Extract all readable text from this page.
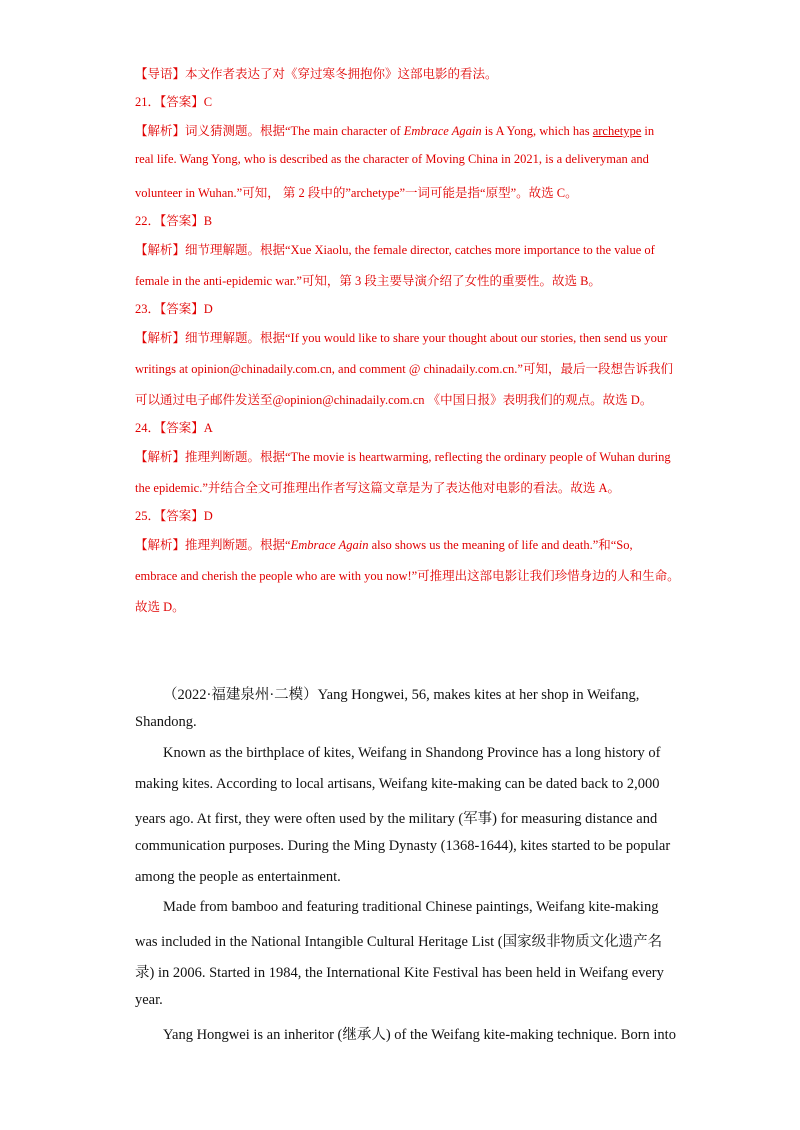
【导语】本文作者表达了对《穿过寒冬拥抱你》这部电影的看法。
21．【答案】C
【解析】词义猜测题。根据“The main character of Embrace Again is A Yong, which has archetype in
real life. Wang Yong, who is described as the character of Moving China in 2021, is a deliveryman and
volunteer in Wuhan.”可知， 第 2 段中的”archetype”一词可能是指“原型”。故选 C。
22．【答案】B
【解析】细节理解题。根据“Xue Xiaolu, the female director, catches more importance to the value of
female in the anti-epidemic war.”可知，第 3 段主要导演介绍了女性的重要性。故选 B。
23．【答案】D
【解析】细节理解题。根据“If you would like to share your thought about our stories, then send us your
writings at opinion@chinadaily.com.cn, and comment @ chinadaily.com.cn.”可知，最后一段想告诉我们
可以通过电子邮件发送至@opinion@chinadaily.com.cn 《中国日报》表明我们的观点。故选 D。
24．【答案】A
【解析】推理判断题。根据“The movie is heartwarming, reflecting the ordinary people of Wuhan during
the epidemic.”并结合全文可推理出作者写这篇文章是为了表达他对电影的看法。故选 A。
25．【答案】D
【解析】推理判断题。根据“Embrace Again also shows us the meaning of life and death.”和“So,
embrace and cherish the people who are with you now!”可推理出这部电影让我们珍惜身边的人和生命。
故选 D。
（2022·福建泉州·二模）Yang Hongwei, 56, makes kites at her shop in Weifang,
Shandong.
Known as the birthplace of kites, Weifang in Shandong Province has a long history of
making kites. According to local artisans, Weifang kite-making can be dated back to 2,000
years ago. At first, they were often used by the military (军事) for measuring distance and
communication purposes. During the Ming Dynasty (1368-1644), kites started to be popular
among the people as entertainment.
Made from bamboo and featuring traditional Chinese paintings, Weifang kite-making
was included in the National Intangible Cultural Heritage List (国家级非物质文化遗产名
录) in 2006. Started in 1984, the International Kite Festival has been held in Weifang every
year.
Yang Hongwei is an inheritor (继承人) of the Weifang kite-making technique. Born into
